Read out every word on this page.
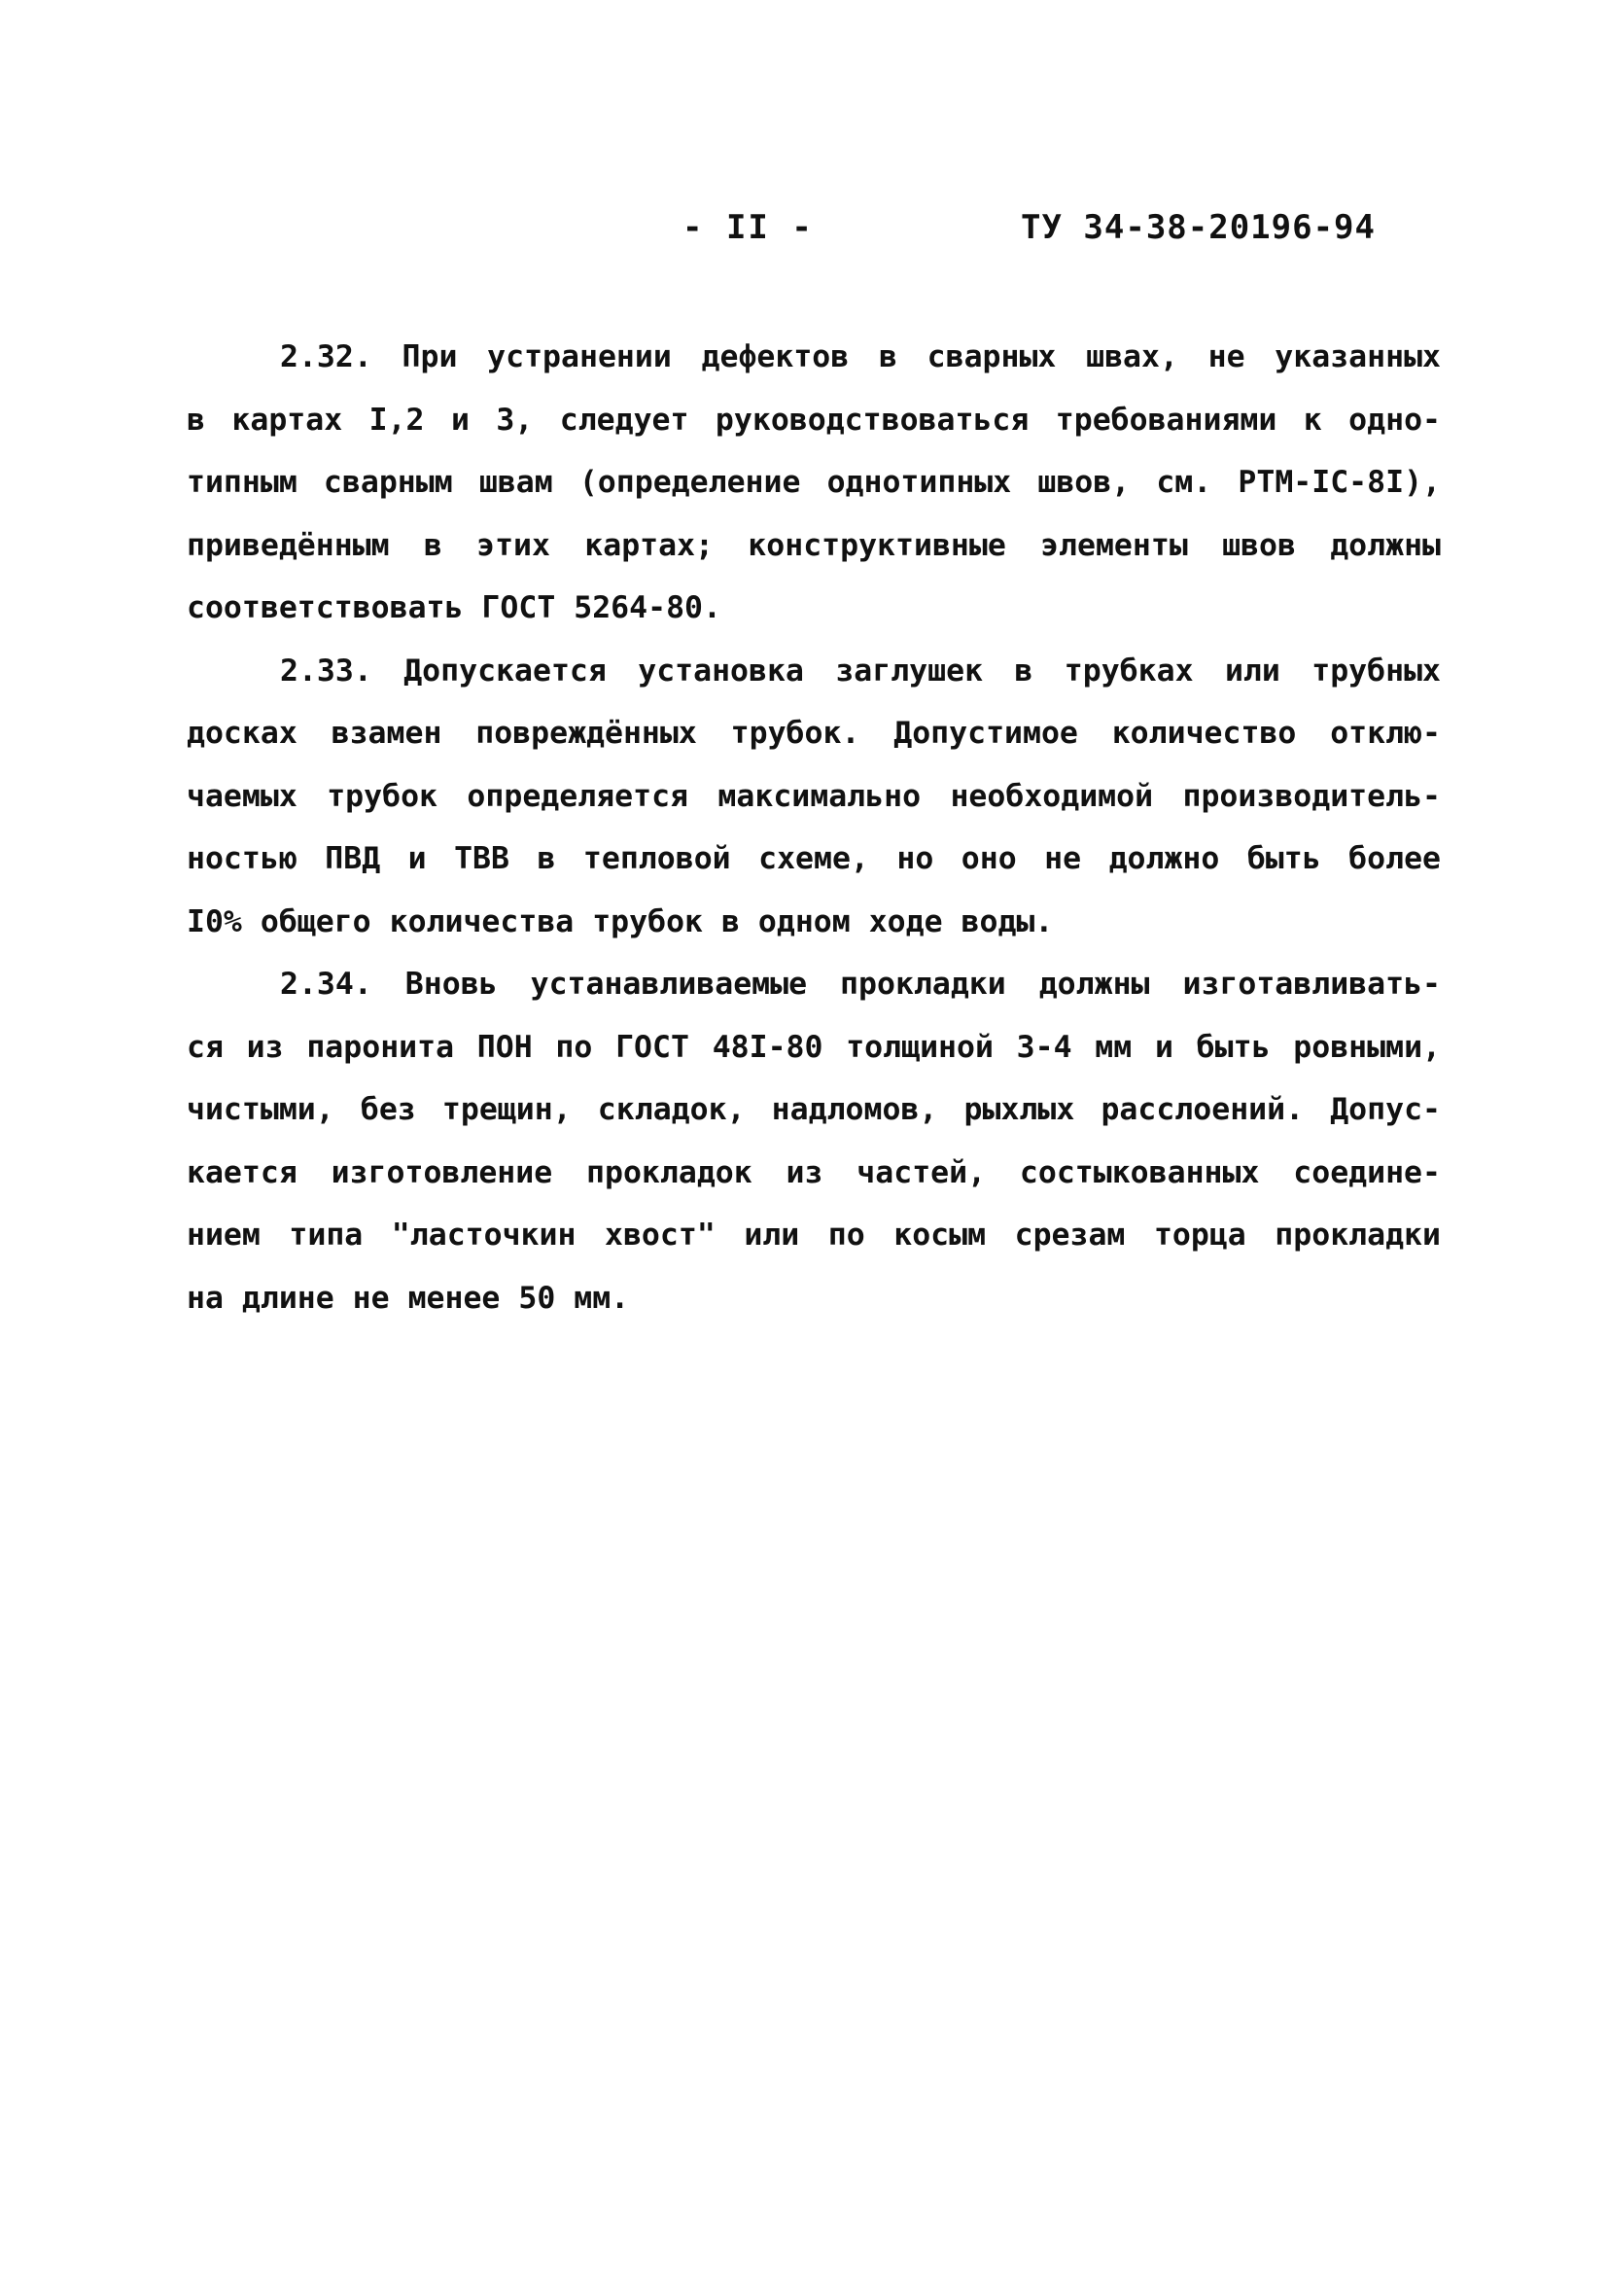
- II -	ТУ 34-38-20196-94
2.32. При устранении дефектов в сварных швах, не указанных
в картах I,2 и 3, следует руководствоваться требованиями к одно-
типным сварным швам (определение однотипных швов, см. РТМ-IC-8I),
приведённым в этих картах; конструктивные элементы швов должны
соответствовать ГОСТ 5264-80.
2.33. Допускается установка заглушек в трубках или трубных
досках взамен повреждённых трубок. Допустимое количество отклю-
чаемых трубок определяется максимально необходимой производитель-
ностью ПВД и ТВВ в тепловой схеме, но оно не должно быть более
I0% общего количества трубок в одном ходе воды.
2.34. Вновь устанавливаемые прокладки должны изготавливать-
ся из паронита ПОН по ГОСТ 48I-80 толщиной 3-4 мм и быть ровными,
чистыми, без трещин, складок, надломов, рыхлых расслоений. Допус-
кается изготовление прокладок из частей, состыкованных соедине-
нием типа "ласточкин хвост" или по косым срезам торца прокладки
на длине не менее 50 мм.
